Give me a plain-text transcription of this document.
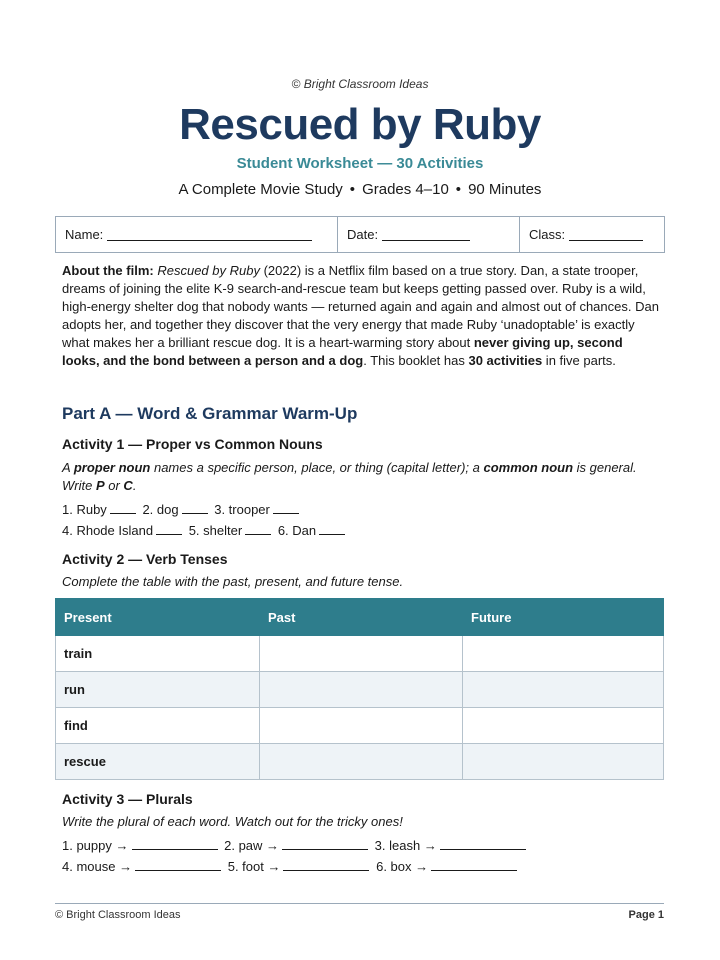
© Bright Classroom Ideas
Rescued by Ruby
Student Worksheet — 30 Activities
A Complete Movie Study • Grades 4–10 • 90 Minutes
Name:	Date:	Class:
About the film: Rescued by Ruby (2022) is a Netflix film based on a true story. Dan, a state trooper, dreams of joining the elite K-9 search-and-rescue team but keeps getting passed over. Ruby is a wild, high-energy shelter dog that nobody wants — returned again and again and almost out of chances. Dan adopts her, and together they discover that the very energy that made Ruby ‘unadoptable’ is exactly what makes her a brilliant rescue dog. It is a heart-warming story about never giving up, second looks, and the bond between a person and a dog. This booklet has 30 activities in five parts.
Part A — Word & Grammar Warm-Up
Activity 1 — Proper vs Common Nouns
A proper noun names a specific person, place, or thing (capital letter); a common noun is general. Write P or C.
1. Ruby	2. dog	3. trooper
4. Rhode Island	5. shelter	6. Dan
Activity 2 — Verb Tenses
Complete the table with the past, present, and future tense.
Present	Past	Future
train		
run		
find		
rescue		
Activity 3 — Plurals
Write the plural of each word. Watch out for the tricky ones!
1. puppy →	2. paw →	3. leash →
4. mouse →	5. foot →	6. box →
© Bright Classroom Ideas	Page 1
